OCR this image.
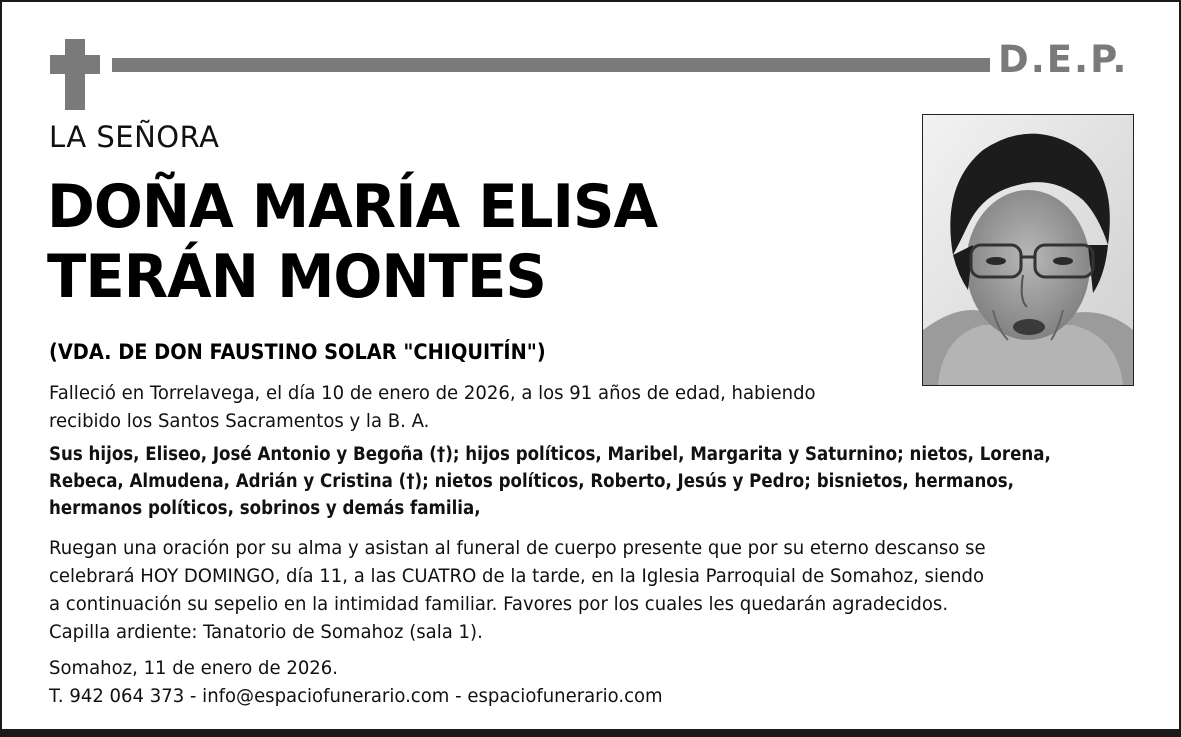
D.E.P.
LA SEÑORA
DOÑA MARÍA ELISA
TERÁN MONTES
(VDA. DE DON FAUSTINO SOLAR "CHIQUITÍN")
Falleció en Torrelavega, el día 10 de enero de 2026, a los 91 años de edad, habiendo
recibido los Santos Sacramentos y la B. A.
Sus hijos, Eliseo, José Antonio y Begoña (†); hijos políticos, Maribel, Margarita y Saturnino; nietos, Lorena,
Rebeca, Almudena, Adrián y Cristina (†); nietos políticos, Roberto, Jesús y Pedro; bisnietos, hermanos,
hermanos políticos, sobrinos y demás familia,
Ruegan una oración por su alma y asistan al funeral de cuerpo presente que por su eterno descanso se
celebrará HOY DOMINGO, día 11, a las CUATRO de la tarde, en la Iglesia Parroquial de Somahoz, siendo
a continuación su sepelio en la intimidad familiar. Favores por los cuales les quedarán agradecidos.
Capilla ardiente: Tanatorio de Somahoz (sala 1).
Somahoz, 11 de enero de 2026.
T. 942 064 373 - info@espaciofunerario.com - espaciofunerario.com
